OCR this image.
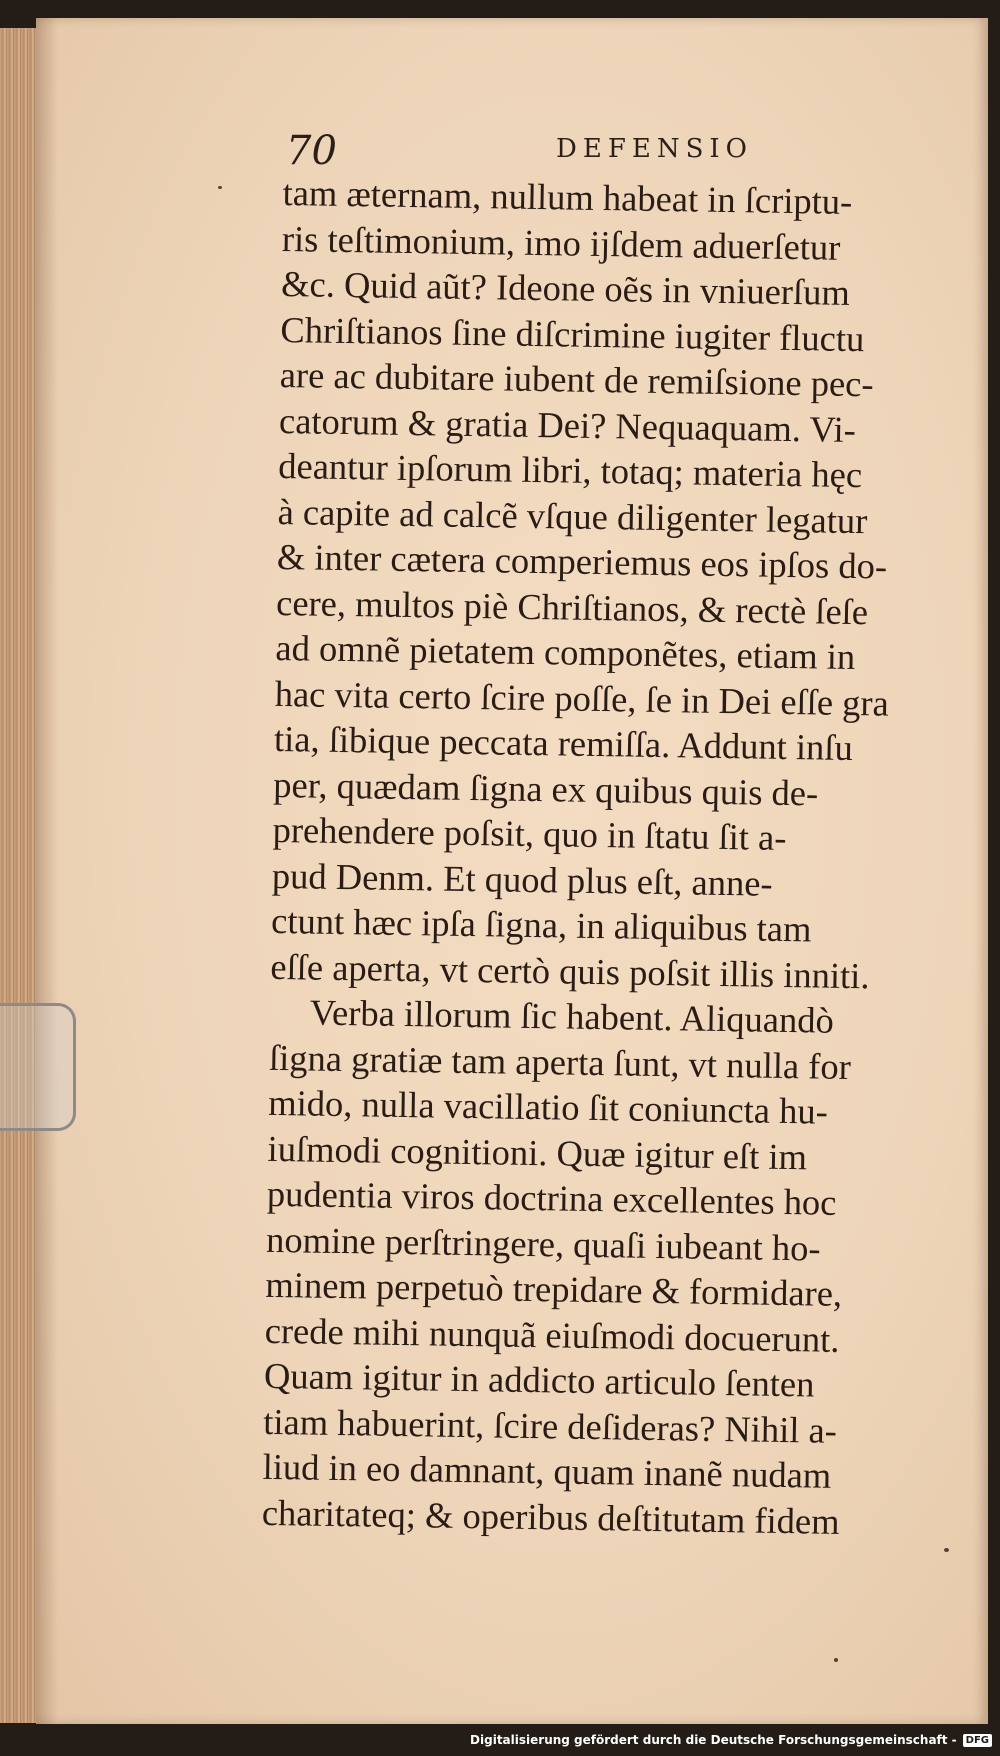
70	DEFENSIO
tam æternam, nullum habeat in ſcriptu-
ris teſtimonium, imo ijſdem aduerſetur
&c. Quid aũt? Ideone oẽs in vniuerſum
Chriſtianos ſine diſcrimine iugiter fluctu
are ac dubitare iubent de remiſsione pec-
catorum & gratia Dei? Nequaquam. Vi-
deantur ipſorum libri, totaq; materia hęc
à capite ad calcẽ vſque diligenter legatur
& inter cætera comperiemus eos ipſos do-
cere, multos piè Chriſtianos, & rectè ſeſe
ad omnẽ pietatem componẽtes, etiam in
hac vita certo ſcire poſſe, ſe in Dei eſſe gra
tia, ſibique peccata remiſſa. Addunt inſu
per, quædam ſigna ex quibus quis de-
prehendere poſsit, quo in ſtatu ſit a-
pud Denm. Et quod plus eſt, anne-
ctunt hæc ipſa ſigna, in aliquibus tam
eſſe aperta, vt certò quis poſsit illis inniti.
Verba illorum ſic habent. Aliquandò
ſigna gratiæ tam aperta ſunt, vt nulla for
mido, nulla vacillatio ſit coniuncta hu-
iuſmodi cognitioni. Quæ igitur eſt im
pudentia viros doctrina excellentes hoc
nomine perſtringere, quaſi iubeant ho-
minem perpetuò trepidare & formidare,
crede mihi nunquã eiuſmodi docuerunt.
Quam igitur in addicto articulo ſenten
tiam habuerint, ſcire deſideras? Nihil a-
liud in eo damnant, quam inanẽ nudam
charitateq; & operibus deſtitutam fidem
Digitalisierung gefördert durch die Deutsche Forschungsgemeinschaft - DFG
